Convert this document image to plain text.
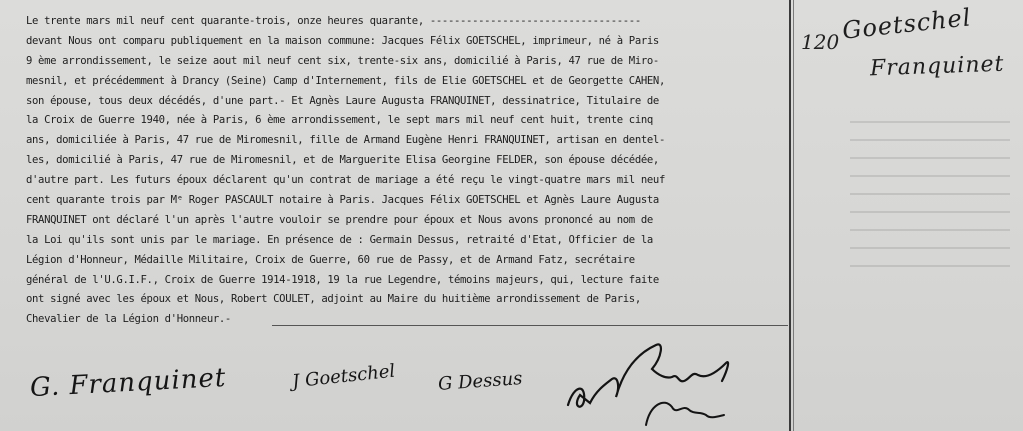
Le trente mars mil neuf cent quarante-trois, onze heures quarante, -----------------------------------
devant Nous ont comparu publiquement en la maison commune: Jacques Félix GOETSCHEL, imprimeur, né à Paris
9 ème arrondissement, le seize aout mil neuf cent six, trente-six ans, domicilié à Paris, 47 rue de Miro-
mesnil, et précédemment à Drancy (Seine) Camp d'Internement, fils de Elie GOETSCHEL et de Georgette CAHEN,
son épouse, tous deux décédés, d'une part.- Et Agnès Laure Augusta FRANQUINET, dessinatrice, Titulaire de
la Croix de Guerre 1940, née à Paris, 6 ème arrondissement, le sept mars mil neuf cent huit, trente cinq
ans, domiciliée à Paris, 47 rue de Miromesnil, fille de Armand Eugène Henri FRANQUINET, artisan en dentel-
les, domicilié à Paris, 47 rue de Miromesnil, et de Marguerite Elisa Georgine FELDER, son épouse décédée,
d'autre part. Les futurs époux déclarent qu'un contrat de mariage a été reçu le vingt-quatre mars mil neuf
cent quarante trois par Mᵉ Roger PASCAULT notaire à Paris. Jacques Félix GOETSCHEL et Agnès Laure Augusta
FRANQUINET ont déclaré l'un après l'autre vouloir se prendre pour époux et Nous avons prononcé au nom de
la Loi qu'ils sont unis par le mariage. En présence de : Germain Dessus, retraité d'Etat, Officier de la
Légion d'Honneur, Médaille Militaire, Croix de Guerre, 60 rue de Passy, et de Armand Fatz, secrétaire
général de l'U.G.I.F., Croix de Guerre 1914-1918, 19 la rue Legendre, témoins majeurs, qui, lecture faite
ont signé avec les époux et Nous, Robert COULET, adjoint au Maire du huitième arrondissement de Paris,
Chevalier de la Légion d'Honneur.-
120 Goetschel
Franquinet
G. Franquinet	J Goetschel G Dessus
